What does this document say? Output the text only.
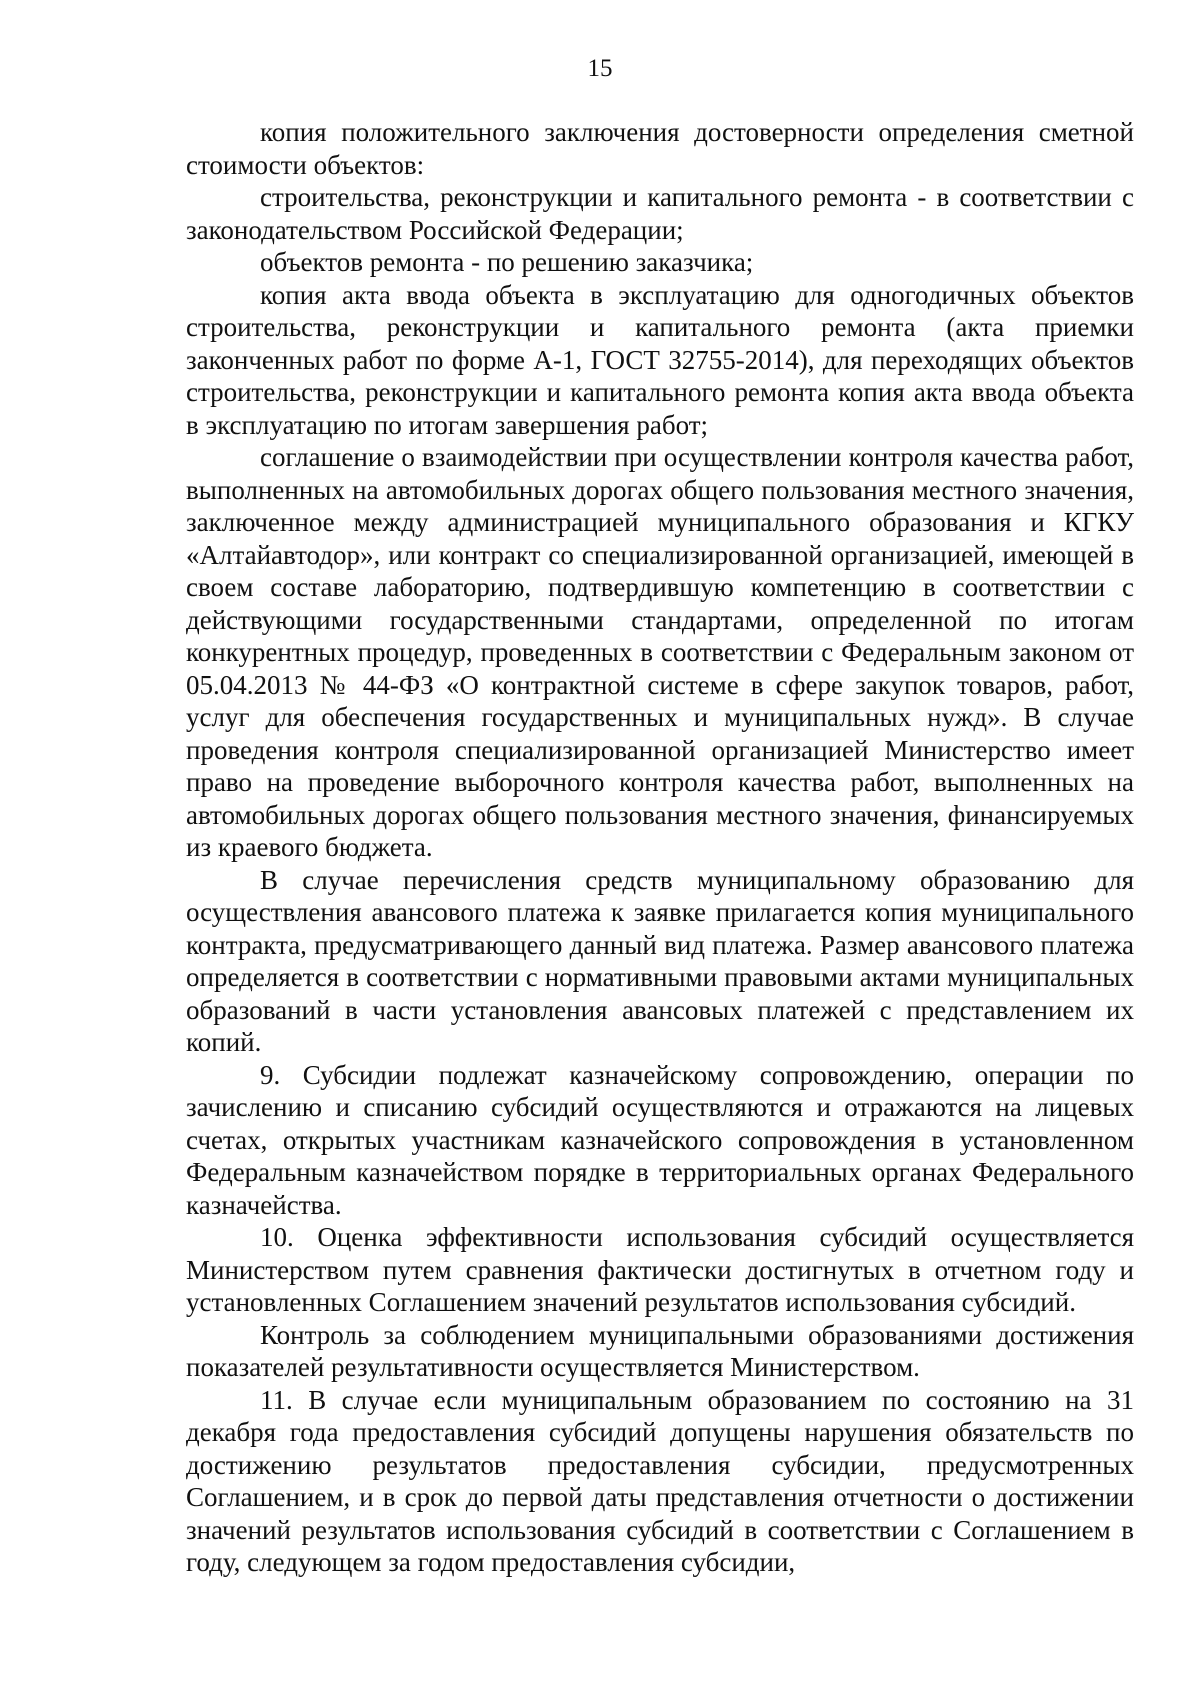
15

копия положительного заключения достоверности определения сметной стоимости объектов:

строительства, реконструкции и капитального ремонта - в соответствии с законодательством Российской Федерации;

объектов ремонта - по решению заказчика;

копия акта ввода объекта в эксплуатацию для одногодичных объектов строительства, реконструкции и капитального ремонта (акта приемки законченных работ по форме А-1, ГОСТ 32755-2014), для переходящих объектов строительства, реконструкции и капитального ремонта копия акта ввода объекта в эксплуатацию по итогам завершения работ;

соглашение о взаимодействии при осуществлении контроля качества работ, выполненных на автомобильных дорогах общего пользования местного значения, заключенное между администрацией муниципального образования и КГКУ «Алтайавтодор», или контракт со специализированной организацией, имеющей в своем составе лабораторию, подтвердившую компетенцию в соответствии с действующими государственными стандартами, определенной по итогам конкурентных процедур, проведенных в соответствии с Федеральным законом от 05.04.2013 № 44-ФЗ «О контрактной системе в сфере закупок товаров, работ, услуг для обеспечения государственных и муниципальных нужд». В случае проведения контроля специализированной организацией Министерство имеет право на проведение выборочного контроля качества работ, выполненных на автомобильных дорогах общего пользования местного значения, финансируемых из краевого бюджета.

В случае перечисления средств муниципальному образованию для осуществления авансового платежа к заявке прилагается копия муниципального контракта, предусматривающего данный вид платежа. Размер авансового платежа определяется в соответствии с нормативными правовыми актами муниципальных образований в части установления авансовых платежей с представлением их копий.

9. Субсидии подлежат казначейскому сопровождению, операции по зачислению и списанию субсидий осуществляются и отражаются на лицевых счетах, открытых участникам казначейского сопровождения в установленном Федеральным казначейством порядке в территориальных органах Федерального казначейства.

10. Оценка эффективности использования субсидий осуществляется Министерством путем сравнения фактически достигнутых в отчетном году и установленных Соглашением значений результатов использования субсидий.

Контроль за соблюдением муниципальными образованиями достижения показателей результативности осуществляется Министерством.

11. В случае если муниципальным образованием по состоянию на 31 декабря года предоставления субсидий допущены нарушения обязательств по достижению результатов предоставления субсидии, предусмотренных Соглашением, и в срок до первой даты представления отчетности о достижении значений результатов использования субсидий в соответствии с Соглашением в году, следующем за годом предоставления субсидии,
